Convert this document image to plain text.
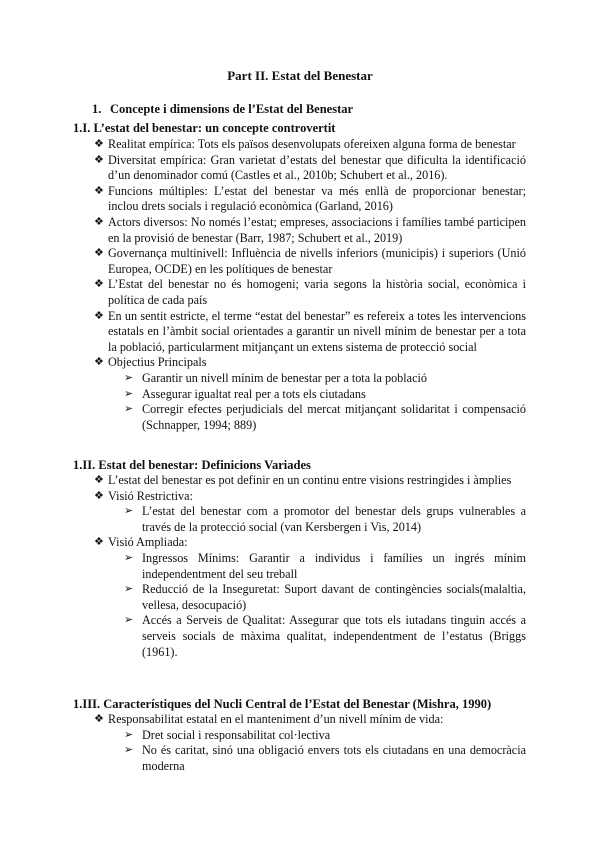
Part II. Estat del Benestar
1. Concepte i dimensions de l’Estat del Benestar
1.I. L’estat del benestar: un concepte controvertit
❖ Realitat empírica: Tots els països desenvolupats ofereixen alguna forma de benestar
❖ Diversitat empírica: Gran varietat d’estats del benestar que dificulta la identificació d’un denominador comú (Castles et al., 2010b; Schubert et al., 2016).
❖ Funcions múltiples: L’estat del benestar va més enllà de proporcionar benestar; inclou drets socials i regulació econòmica (Garland, 2016)
❖ Actors diversos: No només l’estat; empreses, associacions i famílies també participen en la provisió de benestar (Barr, 1987; Schubert et al., 2019)
❖ Governança multinivell: Influència de nivells inferiors (municipis) i superiors (Unió Europea, OCDE) en les polítiques de benestar
❖ L’Estat del benestar no és homogeni; varia segons la història social, econòmica i política de cada país
❖ En un sentit estricte, el terme “estat del benestar” es refereix a totes les intervencions estatals en l’àmbit social orientades a garantir un nivell mínim de benestar per a tota la població, particularment mitjançant un extens sistema de protecció social
❖ Objectius Principals
➢ Garantir un nivell mínim de benestar per a tota la població
➢ Assegurar igualtat real per a tots els ciutadans
➢ Corregir efectes perjudicials del mercat mitjançant solidaritat i compensació (Schnapper, 1994; 889)
1.II. Estat del benestar: Definicions Variades
❖ L’estat del benestar es pot definir en un continu entre visions restringides i àmplies
❖ Visió Restrictiva:
➢ L’estat del benestar com a promotor del benestar dels grups vulnerables a través de la protecció social (van Kersbergen i Vis, 2014)
❖ Visió Ampliada:
➢ Ingressos Mínims: Garantir a individus i famílies un ingrés mínim independentment del seu treball
➢ Reducció de la Inseguretat: Suport davant de contingències socials(malaltia, vellesa, desocupació)
➢ Accés a Serveis de Qualitat: Assegurar que tots els iutadans tinguin accés a serveis socials de màxima qualitat, independentment de l’estatus (Briggs (1961).
1.III. Característiques del Nucli Central de l’Estat del Benestar (Mishra, 1990)
❖ Responsabilitat estatal en el manteniment d’un nivell mínim de vida:
➢ Dret social i responsabilitat col·lectiva
➢ No és caritat, sinó una obligació envers tots els ciutadans en una democràcia moderna
